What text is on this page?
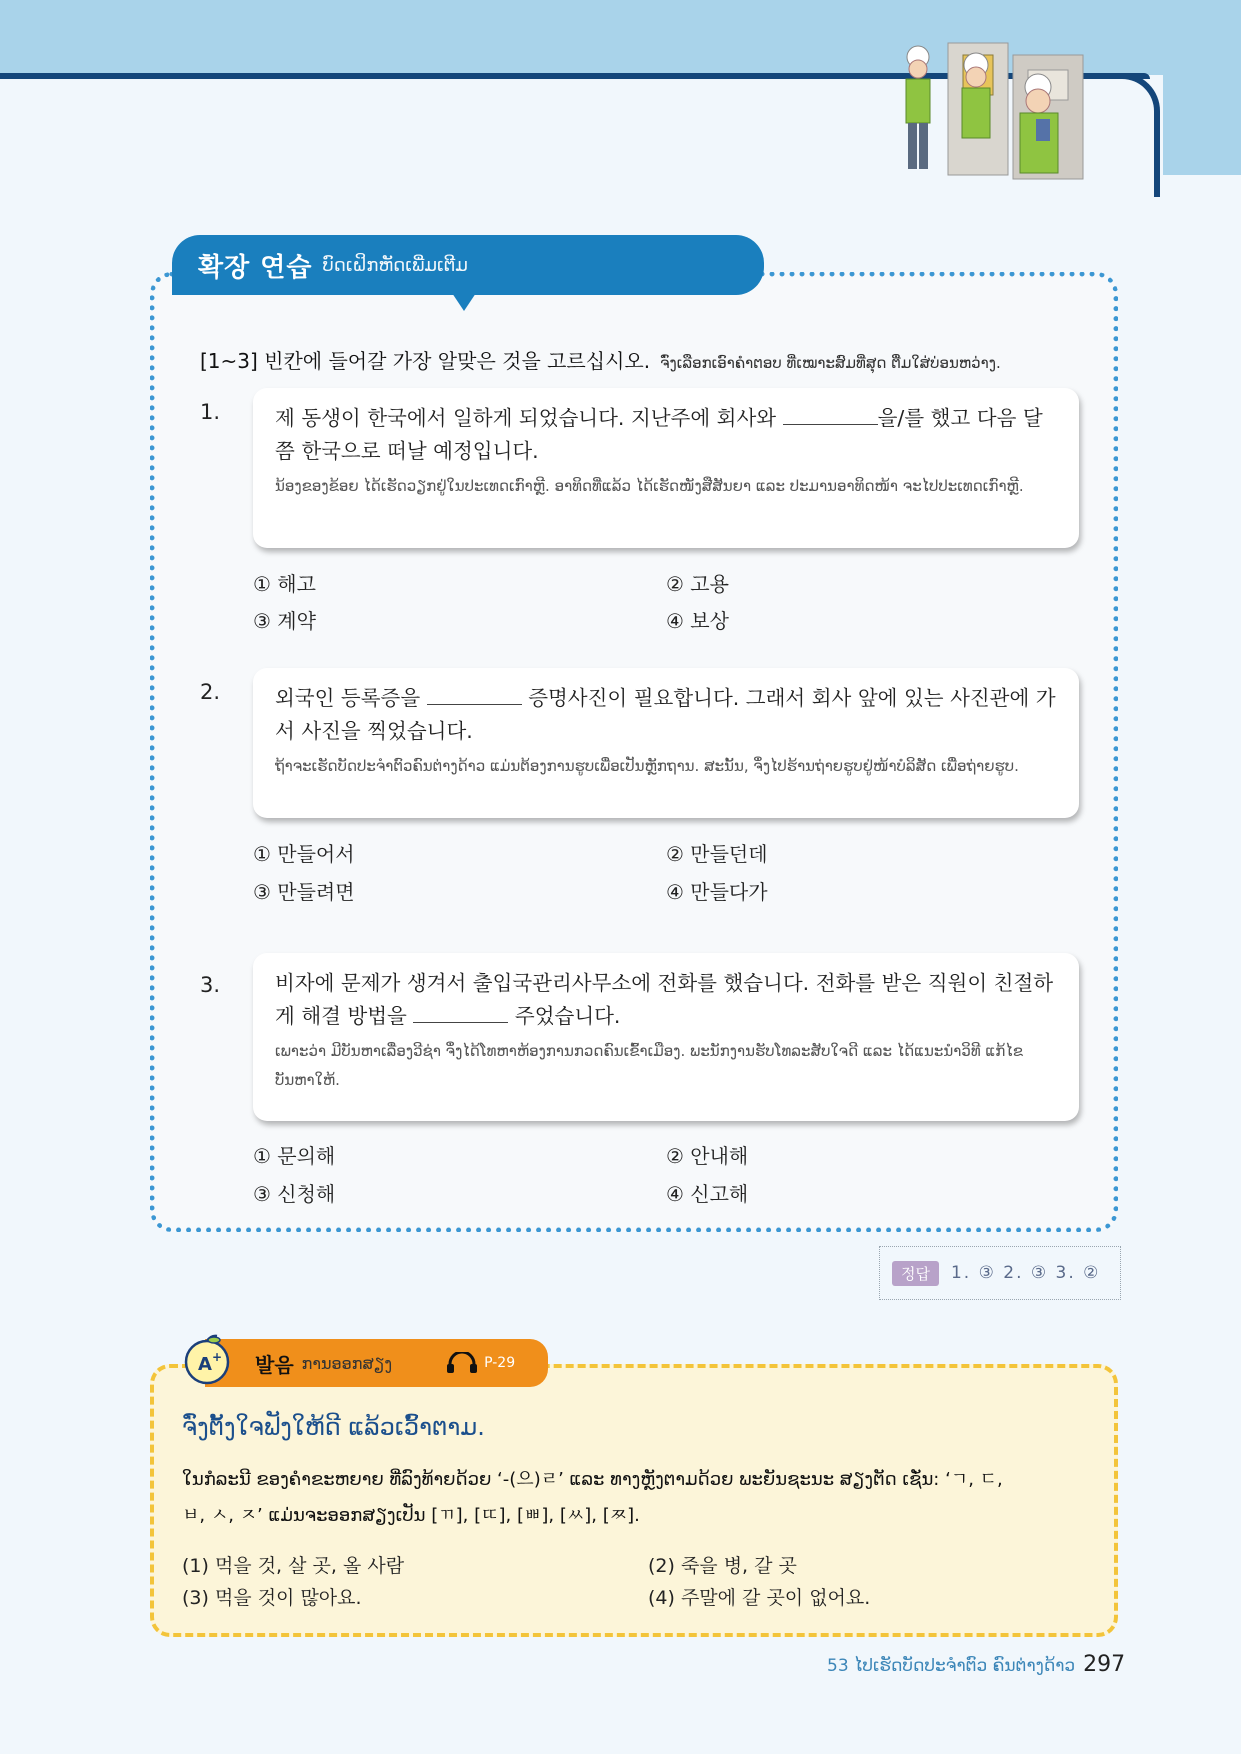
확장 연습 ບົດເຝິກຫັດເພີ່ມເຕີມ
[1~3] 빈칸에 들어갈 가장 알맞은 것을 고르십시오. ຈົ່ງເລືອກເອົາຄຳຕອບ ທີ່ເໝາະສົມທີ່ສຸດ ຕື່ມໃສ່ບ່ອນຫວ່າງ.
1.	제 동생이 한국에서 일하게 되었습니다. 지난주에 회사와	을/를 했고 다음 달
쯤 한국으로 떠날 예정입니다.
ນ້ອງຂອງຂ້ອຍ ໄດ້ເຮັດວຽກຢູ່ໃນປະເທດເກົາຫຼີ. ອາທິດທີ່ແລ້ວ ໄດ້ເຮັດໜັງສືສັນຍາ ແລະ ປະມານອາທິດໜ້າ ຈະໄປປະເທດເກົາຫຼີ.
① 해고	② 고용
③ 계약	④ 보상
2.	외국인 등록증을	증명사진이 필요합니다. 그래서 회사 앞에 있는 사진관에 가
서 사진을 찍었습니다.
ຖ້າຈະເຮັດບັດປະຈຳຕົວຄົນຕ່າງດ້າວ ແມ່ນຕ້ອງການຮູບເພື່ອເປັນຫຼັກຖານ. ສະນັ້ນ, ຈຶ່ງໄປຮ້ານຖ່າຍຮູບຢູ່ໜ້າບໍລິສັດ ເພື່ອຖ່າຍຮູບ.
① 만들어서	② 만들던데
③ 만들려면	④ 만들다가
3.	비자에 문제가 생겨서 출입국관리사무소에 전화를 했습니다. 전화를 받은 직원이 친절하
게 해결 방법을	주었습니다.
ເພາະວ່າ ມີບັນຫາເລື່ອງວີຊ່າ ຈຶ່ງໄດ້ໂທຫາຫ້ອງການກວດຄົນເຂົ້າເມືອງ. ພະນັກງານຮັບໂທລະສັບໃຈດີ ແລະ ໄດ້ແນະນຳວິທີ ແກ້ໄຂບັນຫາໃຫ້.
① 문의해	② 안내해
③ 신청해	④ 신고해
정답	1. ③ 2. ③ 3. ②
발음 ການອອກສຽງ	P-29
A +
ຈົ່ງຕັ້ງໃຈຟັງໃຫ້ດີ ແລ້ວເວົ້າຕາມ.
ໃນກໍລະນີ ຂອງຄຳຂະຫຍາຍ ທີ່ລົງທ້າຍດ້ວຍ ‘-(으)ㄹ’ ແລະ ທາງຫຼັງຕາມດ້ວຍ ພະຍັນຊະນະ ສຽງຕັດ ເຊັ່ນ: ‘ㄱ, ㄷ,
ㅂ, ㅅ, ㅈ’ ແມ່ນຈະອອກສຽງເປັນ [ㄲ], [ㄸ], [ㅃ], [ㅆ], [ㅉ].
(1) 먹을 것, 살 곳, 올 사람	(2) 죽을 병, 갈 곳
(3) 먹을 것이 많아요.	(4) 주말에 갈 곳이 없어요.
53 ໄປເຮັດບັດປະຈຳຕົວ ຄົນຕ່າງດ້າວ 297
